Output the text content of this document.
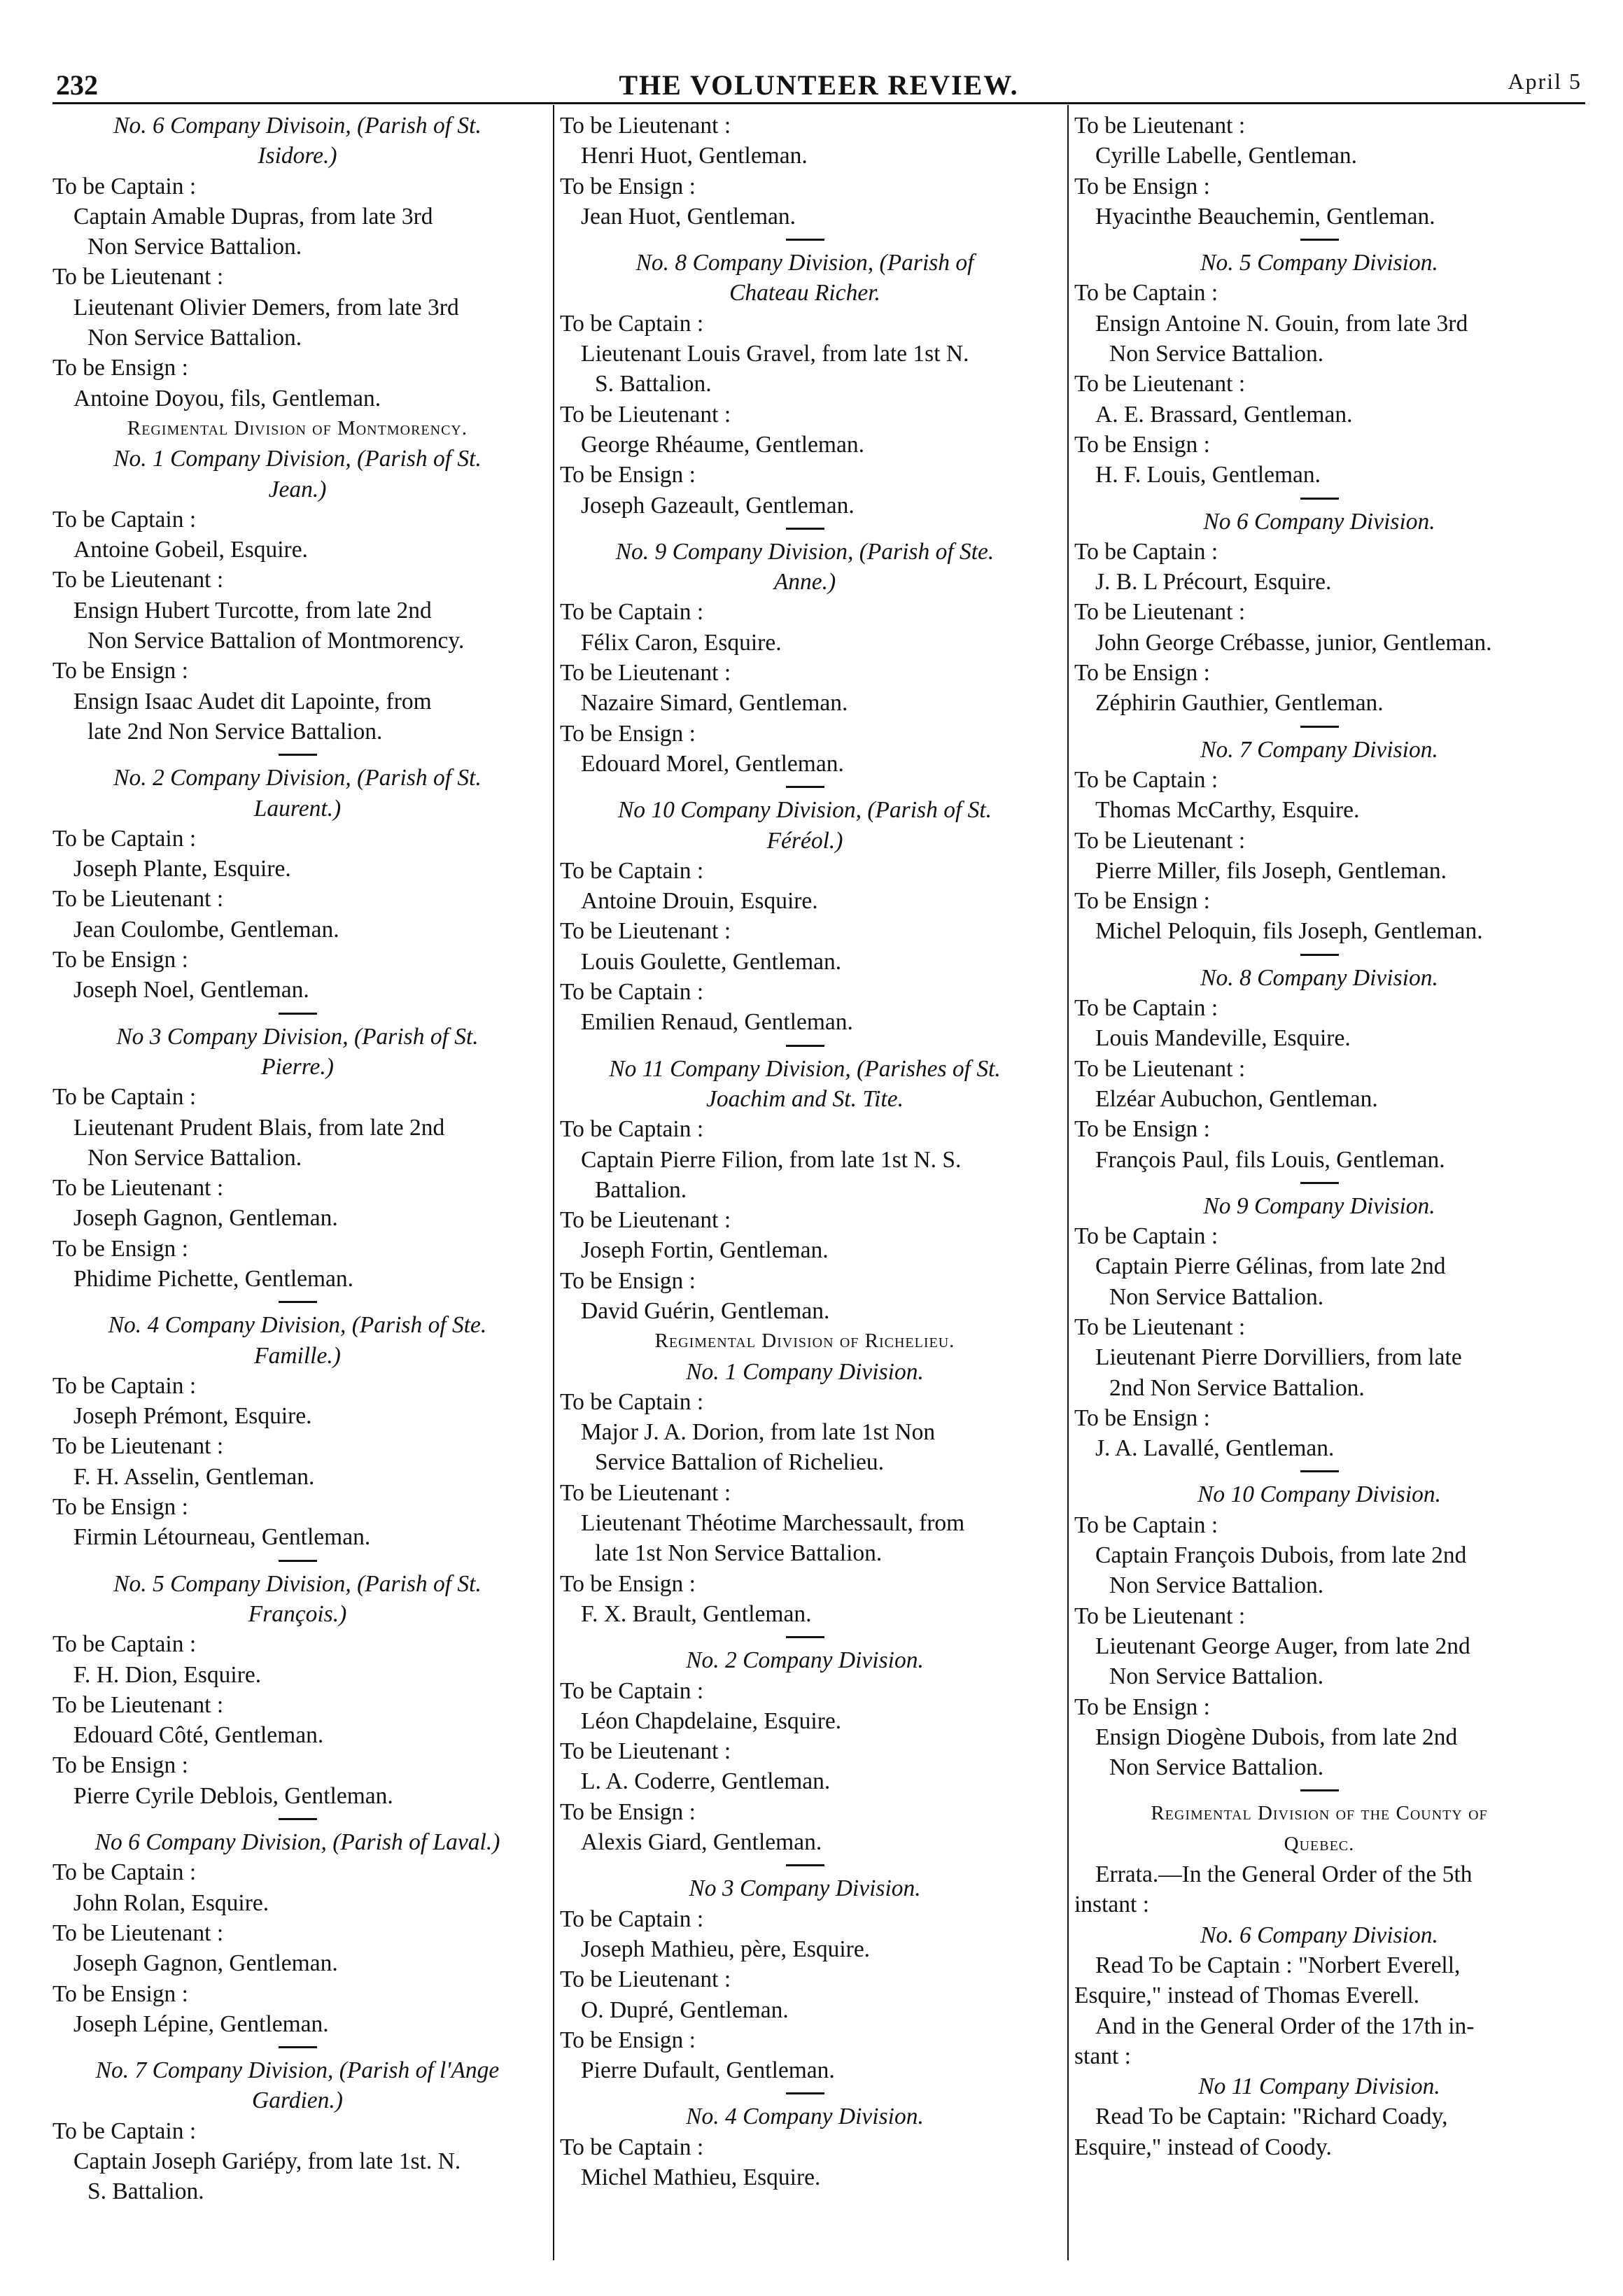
232	THE VOLUNTEER REVIEW.	April 5
No. 6 Company Divisoin, (Parish of St.
Isidore.)
To be Captain :
Captain Amable Dupras, from late 3rd
Non Service Battalion.
To be Lieutenant :
Lieutenant Olivier Demers, from late 3rd
Non Service Battalion.
To be Ensign :
Antoine Doyou, fils, Gentleman.
Regimental Division of Montmorency.
No. 1 Company Division, (Parish of St.
Jean.)
To be Captain :
Antoine Gobeil, Esquire.
To be Lieutenant :
Ensign Hubert Turcotte, from late 2nd
Non Service Battalion of Montmorency.
To be Ensign :
Ensign Isaac Audet dit Lapointe, from
late 2nd Non Service Battalion.
No. 2 Company Division, (Parish of St.
Laurent.)
To be Captain :
Joseph Plante, Esquire.
To be Lieutenant :
Jean Coulombe, Gentleman.
To be Ensign :
Joseph Noel, Gentleman.
No 3 Company Division, (Parish of St.
Pierre.)
To be Captain :
Lieutenant Prudent Blais, from late 2nd
Non Service Battalion.
To be Lieutenant :
Joseph Gagnon, Gentleman.
To be Ensign :
Phidime Pichette, Gentleman.
No. 4 Company Division, (Parish of Ste.
Famille.)
To be Captain :
Joseph Prémont, Esquire.
To be Lieutenant :
F. H. Asselin, Gentleman.
To be Ensign :
Firmin Létourneau, Gentleman.
No. 5 Company Division, (Parish of St.
François.)
To be Captain :
F. H. Dion, Esquire.
To be Lieutenant :
Edouard Côté, Gentleman.
To be Ensign :
Pierre Cyrile Deblois, Gentleman.
No 6 Company Division, (Parish of Laval.)
To be Captain :
John Rolan, Esquire.
To be Lieutenant :
Joseph Gagnon, Gentleman.
To be Ensign :
Joseph Lépine, Gentleman.
No. 7 Company Division, (Parish of l'Ange
Gardien.)
To be Captain :
Captain Joseph Gariépy, from late 1st. N.
S. Battalion.
To be Lieutenant :
Henri Huot, Gentleman.
To be Ensign :
Jean Huot, Gentleman.
No. 8 Company Division, (Parish of
Chateau Richer.
To be Captain :
Lieutenant Louis Gravel, from late 1st N.
S. Battalion.
To be Lieutenant :
George Rhéaume, Gentleman.
To be Ensign :
Joseph Gazeault, Gentleman.
No. 9 Company Division, (Parish of Ste.
Anne.)
To be Captain :
Félix Caron, Esquire.
To be Lieutenant :
Nazaire Simard, Gentleman.
To be Ensign :
Edouard Morel, Gentleman.
No 10 Company Division, (Parish of St.
Féréol.)
To be Captain :
Antoine Drouin, Esquire.
To be Lieutenant :
Louis Goulette, Gentleman.
To be Captain :
Emilien Renaud, Gentleman.
No 11 Company Division, (Parishes of St.
Joachim and St. Tite.
To be Captain :
Captain Pierre Filion, from late 1st N. S.
Battalion.
To be Lieutenant :
Joseph Fortin, Gentleman.
To be Ensign :
David Guérin, Gentleman.
Regimental Division of Richelieu.
No. 1 Company Division.
To be Captain :
Major J. A. Dorion, from late 1st Non
Service Battalion of Richelieu.
To be Lieutenant :
Lieutenant Théotime Marchessault, from
late 1st Non Service Battalion.
To be Ensign :
F. X. Brault, Gentleman.
No. 2 Company Division.
To be Captain :
Léon Chapdelaine, Esquire.
To be Lieutenant :
L. A. Coderre, Gentleman.
To be Ensign :
Alexis Giard, Gentleman.
No 3 Company Division.
To be Captain :
Joseph Mathieu, père, Esquire.
To be Lieutenant :
O. Dupré, Gentleman.
To be Ensign :
Pierre Dufault, Gentleman.
No. 4 Company Division.
To be Captain :
Michel Mathieu, Esquire.
To be Lieutenant :
Cyrille Labelle, Gentleman.
To be Ensign :
Hyacinthe Beauchemin, Gentleman.
No. 5 Company Division.
To be Captain :
Ensign Antoine N. Gouin, from late 3rd
Non Service Battalion.
To be Lieutenant :
A. E. Brassard, Gentleman.
To be Ensign :
H. F. Louis, Gentleman.
No 6 Company Division.
To be Captain :
J. B. L Précourt, Esquire.
To be Lieutenant :
John George Crébasse, junior, Gentleman.
To be Ensign :
Zéphirin Gauthier, Gentleman.
No. 7 Company Division.
To be Captain :
Thomas McCarthy, Esquire.
To be Lieutenant :
Pierre Miller, fils Joseph, Gentleman.
To be Ensign :
Michel Peloquin, fils Joseph, Gentleman.
No. 8 Company Division.
To be Captain :
Louis Mandeville, Esquire.
To be Lieutenant :
Elzéar Aubuchon, Gentleman.
To be Ensign :
François Paul, fils Louis, Gentleman.
No 9 Company Division.
To be Captain :
Captain Pierre Gélinas, from late 2nd
Non Service Battalion.
To be Lieutenant :
Lieutenant Pierre Dorvilliers, from late
2nd Non Service Battalion.
To be Ensign :
J. A. Lavallé, Gentleman.
No 10 Company Division.
To be Captain :
Captain François Dubois, from late 2nd
Non Service Battalion.
To be Lieutenant :
Lieutenant George Auger, from late 2nd
Non Service Battalion.
To be Ensign :
Ensign Diogène Dubois, from late 2nd
Non Service Battalion.
Regimental Division of the County of
Quebec.
Errata.—In the General Order of the 5th
instant :
No. 6 Company Division.
Read To be Captain : "Norbert Everell,
Esquire," instead of Thomas Everell.
And in the General Order of the 17th in-
stant :
No 11 Company Division.
Read To be Captain: "Richard Coady,
Esquire," instead of Coody.
